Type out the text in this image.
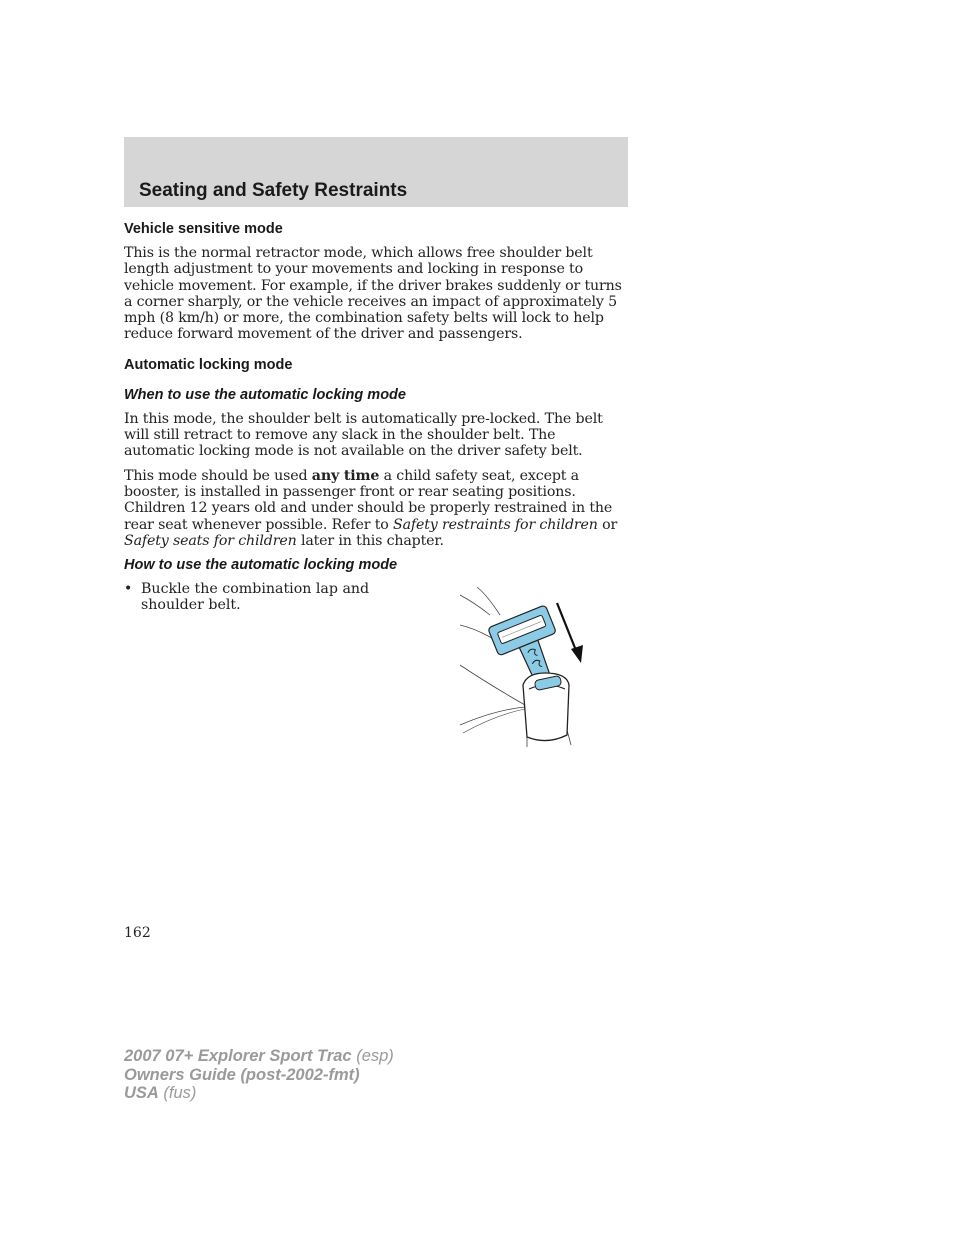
Seating and Safety Restraints
Vehicle sensitive mode

This is the normal retractor mode, which allows free shoulder belt length adjustment to your movements and locking in response to vehicle movement. For example, if the driver brakes suddenly or turns a corner sharply, or the vehicle receives an impact of approximately 5 mph (8 km/h) or more, the combination safety belts will lock to help reduce forward movement of the driver and passengers.

Automatic locking mode
When to use the automatic locking mode

In this mode, the shoulder belt is automatically pre-locked. The belt will still retract to remove any slack in the shoulder belt. The automatic locking mode is not available on the driver safety belt.

This mode should be used any time a child safety seat, except a booster, is installed in passenger front or rear seating positions. Children 12 years old and under should be properly restrained in the rear seat whenever possible. Refer to Safety restraints for children or Safety seats for children later in this chapter.

How to use the automatic locking mode
• Buckle the combination lap and shoulder belt.
162
2007 07+ Explorer Sport Trac (esp)
Owners Guide (post-2002-fmt)
USA (fus)
